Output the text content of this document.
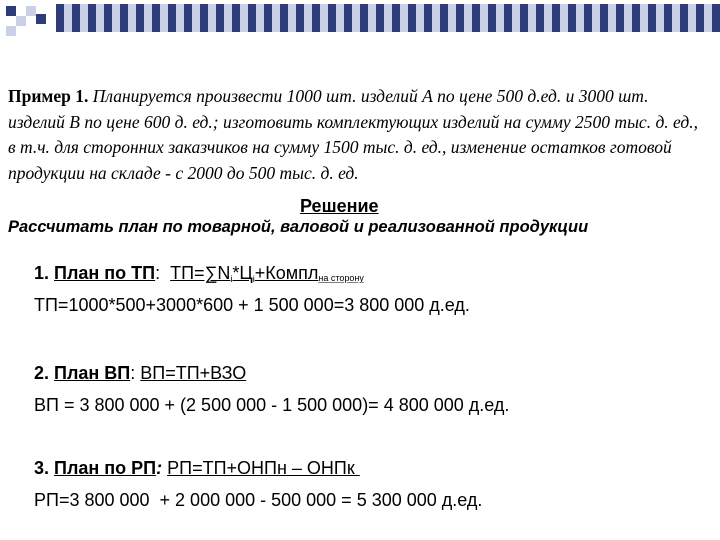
Пример 1. Планируется произвести 1000 шт. изделий А по цене 500 д.ед. и 3000 шт. изделий В по цене 600 д. ед.; изготовить комплектующих изделий на сумму 2500 тыс. д. ед., в т.ч. для сторонних заказчиков на сумму 1500 тыс. д. ед., изменение остатков готовой продукции на складе - с 2000 до 500 тыс. д. ед.
Рассчитать план по товарной, валовой и реализованной продукции
Решение
1. План по ТП: $ТП=\sum N_i*Ц_i+Комплна$ сторону
ТП=1000*500+3000*600 + 1 500 000=3 800 000 д.ед.
2. План ВП: ВП=ТП+ВЗО
ВП = 3 800 000 + (2 500 000 - 1 500 000)= 4 800 000 д.ед.
3. План по РП: РП=ТП+ОНПн – ОНПк
РП=3 800 000  + 2 000 000 - 500 000 = 5 300 000 д.ед.
